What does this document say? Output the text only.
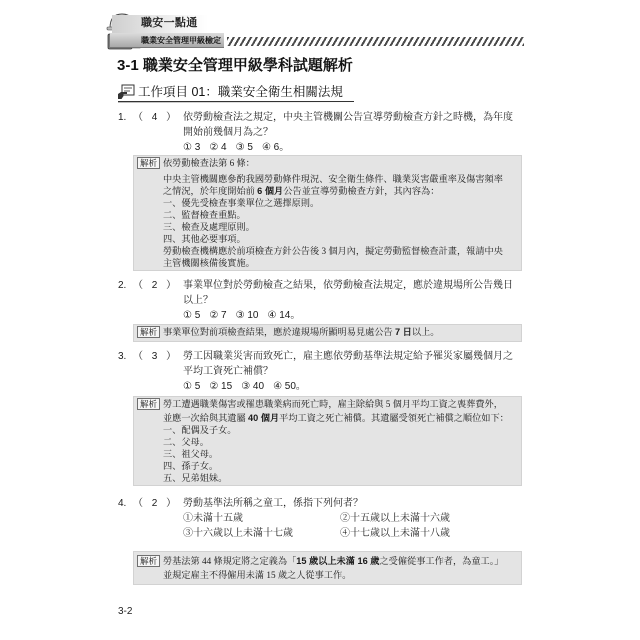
職安一點通
職業安全管理甲級檢定
3-1 職業安全管理甲級學科試題解析
工作項目 01：職業安全衛生相關法規
1. （ 4 ） 依勞動檢查法之規定，中央主管機關公告宣導勞動檢查方針之時機，為年度
開始前幾個月為之？
① 3 ② 4 ③ 5 ④ 6。
解析 依勞動檢查法第 6 條：
中央主管機關應參酌我國勞動條件現況、安全衛生條件、職業災害嚴重率及傷害頻率
之情況，於年度開始前 6 個月公告並宣導勞動檢查方針，其內容為：
一、優先受檢查事業單位之選擇原則。
二、監督檢查重點。
三、檢查及處理原則。
四、其他必要事項。
勞動檢查機構應於前項檢查方針公告後 3 個月內，擬定勞動監督檢查計畫，報請中央
主管機關核備後實施。
2. （ 2 ） 事業單位對於勞動檢查之結果，依勞動檢查法規定，應於違規場所公告幾日
以上？
① 5 ② 7 ③ 10 ④ 14。
解析 事業單位對前項檢查結果，應於違規場所顯明易見處公告 7 日以上。
3. （ 3 ） 勞工因職業災害而致死亡，雇主應依勞動基準法規定給予罹災家屬幾個月之
平均工資死亡補償？
① 5 ② 15 ③ 40 ④ 50。
解析 勞工遭遇職業傷害或罹患職業病而死亡時，雇主除給與 5 個月平均工資之喪葬費外，
並應一次給與其遺屬 40 個月平均工資之死亡補償。其遺屬受領死亡補償之順位如下：
一、配偶及子女。
二、父母。
三、祖父母。
四、孫子女。
五、兄弟姐妹。
4. （ 2 ） 勞動基準法所稱之童工，係指下列何者？
①未滿十五歲	②十五歲以上未滿十六歲
③十六歲以上未滿十七歲	④十七歲以上未滿十八歲
解析 勞基法第 44 條規定將之定義為「15 歲以上未滿 16 歲之受僱從事工作者，為童工。」
並規定雇主不得僱用未滿 15 歲之人從事工作。
3-2
